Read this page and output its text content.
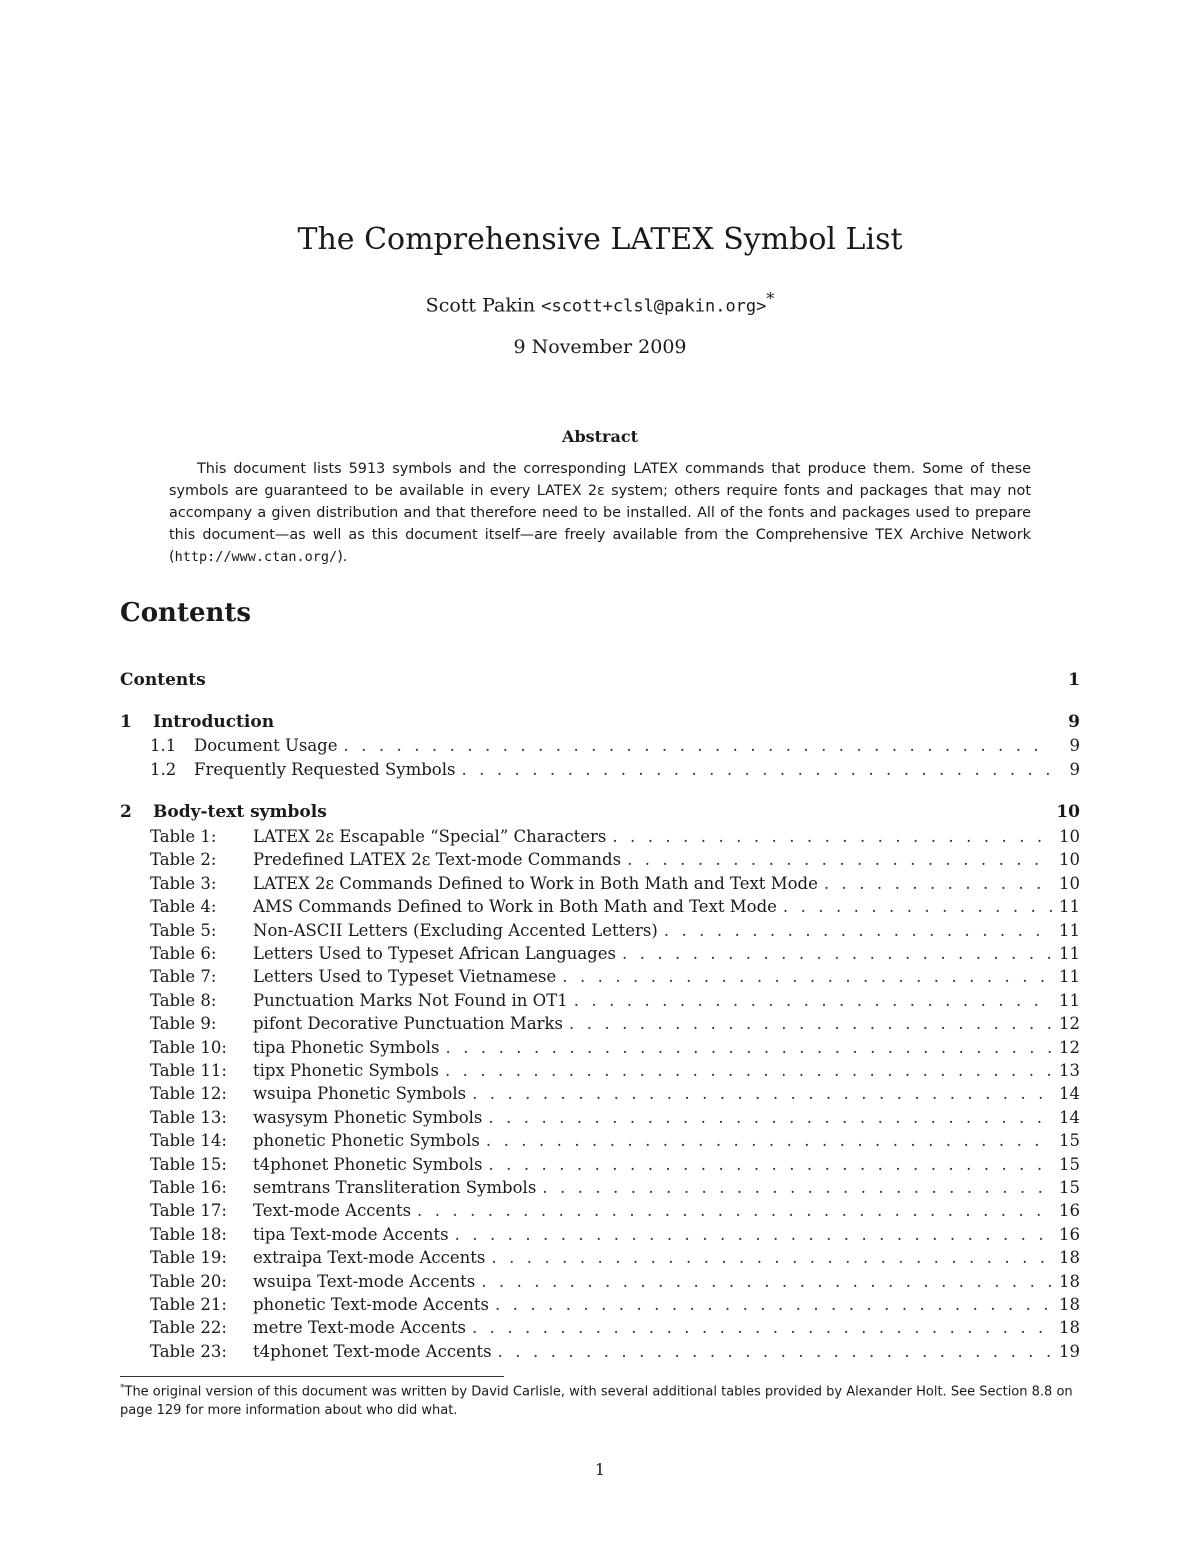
The Comprehensive LATEX Symbol List
Scott Pakin <scott+clsl@pakin.org>*
9 November 2009
Abstract

This document lists 5913 symbols and the corresponding LATEX commands that produce them. Some of these symbols are guaranteed to be available in every LATEX 2ε system; others require fonts and packages that may not accompany a given distribution and that therefore need to be installed. All of the fonts and packages used to prepare this document—as well as this document itself—are freely available from the Comprehensive TEX Archive Network (http://www.ctan.org/).

Contents
Contents	1
1	Introduction	9
1.1	Document Usage . . .	9
1.2	Frequently Requested Symbols . . .	9
2	Body-text symbols	10
Table 1:	LATEX 2ε Escapable “Special” Characters . . .	10
Table 2:	Predefined LATEX 2ε Text-mode Commands . . .	10
Table 3:	LATEX 2ε Commands Defined to Work in Both Math and Text Mode . . .	10
Table 4:	AMS Commands Defined to Work in Both Math and Text Mode . . .	11
Table 5:	Non-ASCII Letters (Excluding Accented Letters) . . .	11
Table 6:	Letters Used to Typeset African Languages . . .	11
Table 7:	Letters Used to Typeset Vietnamese . . .	11
Table 8:	Punctuation Marks Not Found in OT1 . . .	11
Table 9:	pifont Decorative Punctuation Marks . . .	12
Table 10:	tipa Phonetic Symbols . . .	12
Table 11:	tipx Phonetic Symbols . . .	13
Table 12:	wsuipa Phonetic Symbols . . .	14
Table 13:	wasysym Phonetic Symbols . . .	14
Table 14:	phonetic Phonetic Symbols . . .	15
Table 15:	t4phonet Phonetic Symbols . . .	15
Table 16:	semtrans Transliteration Symbols . . .	15
Table 17:	Text-mode Accents . . .	16
Table 18:	tipa Text-mode Accents . . .	16
Table 19:	extraipa Text-mode Accents . . .	18
Table 20:	wsuipa Text-mode Accents . . .	18
Table 21:	phonetic Text-mode Accents . . .	18
Table 22:	metre Text-mode Accents . . .	18
Table 23:	t4phonet Text-mode Accents . . .	19
*The original version of this document was written by David Carlisle, with several additional tables provided by Alexander Holt. See Section 8.8 on page 129 for more information about who did what.
1
